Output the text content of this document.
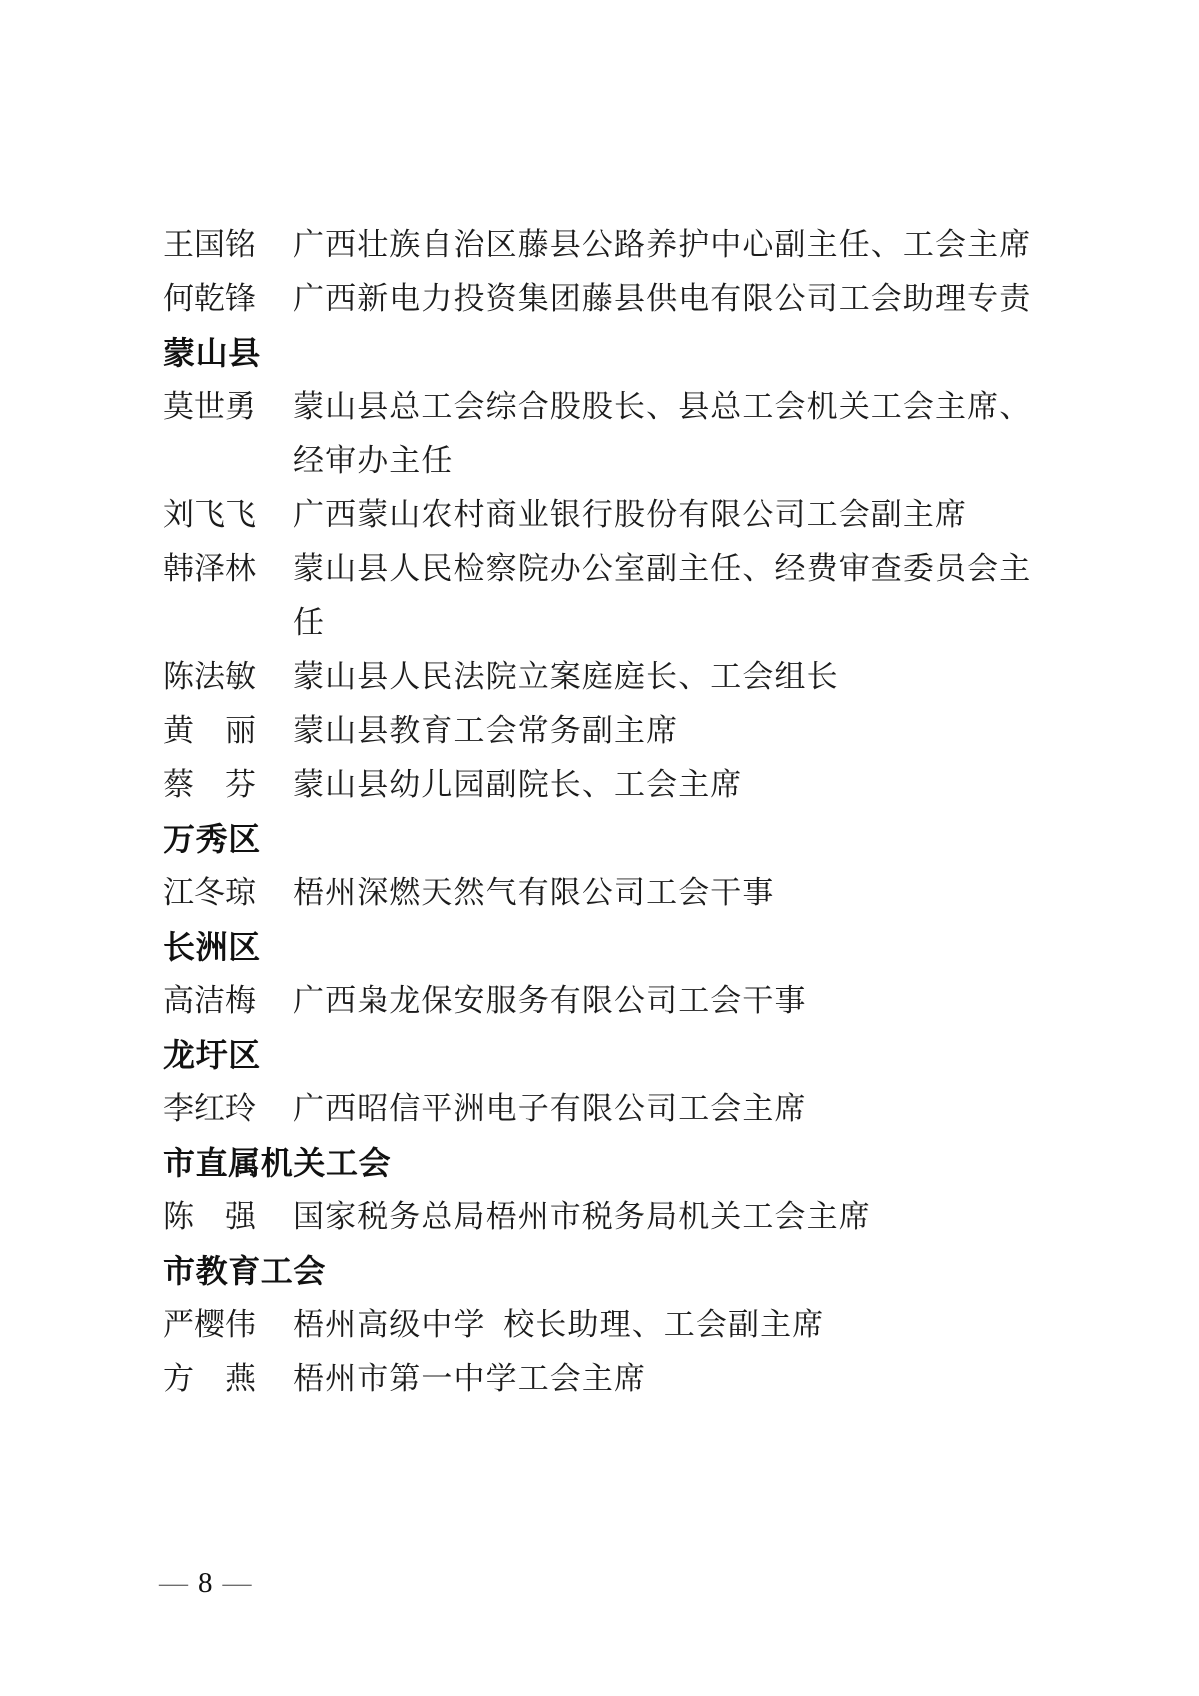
王国铭 广西壮族自治区藤县公路养护中心副主任、工会主席
何乾锋 广西新电力投资集团藤县供电有限公司工会助理专责
蒙山县
莫世勇 蒙山县总工会综合股股长、县总工会机关工会主席、
经审办主任
刘飞飞 广西蒙山农村商业银行股份有限公司工会副主席
韩泽林 蒙山县人民检察院办公室副主任、经费审查委员会主
任
陈法敏 蒙山县人民法院立案庭庭长、工会组长
黄　丽 蒙山县教育工会常务副主席
蔡　芬 蒙山县幼儿园副院长、工会主席
万秀区
江冬琼 梧州深燃天然气有限公司工会干事
长洲区
高洁梅 广西枭龙保安服务有限公司工会干事
龙圩区
李红玲 广西昭信平洲电子有限公司工会主席
市直属机关工会
陈　强 国家税务总局梧州市税务局机关工会主席
市教育工会
严樱伟 梧州高级中学  校长助理、工会副主席
方　燕 梧州市第一中学工会主席
— 8 —
